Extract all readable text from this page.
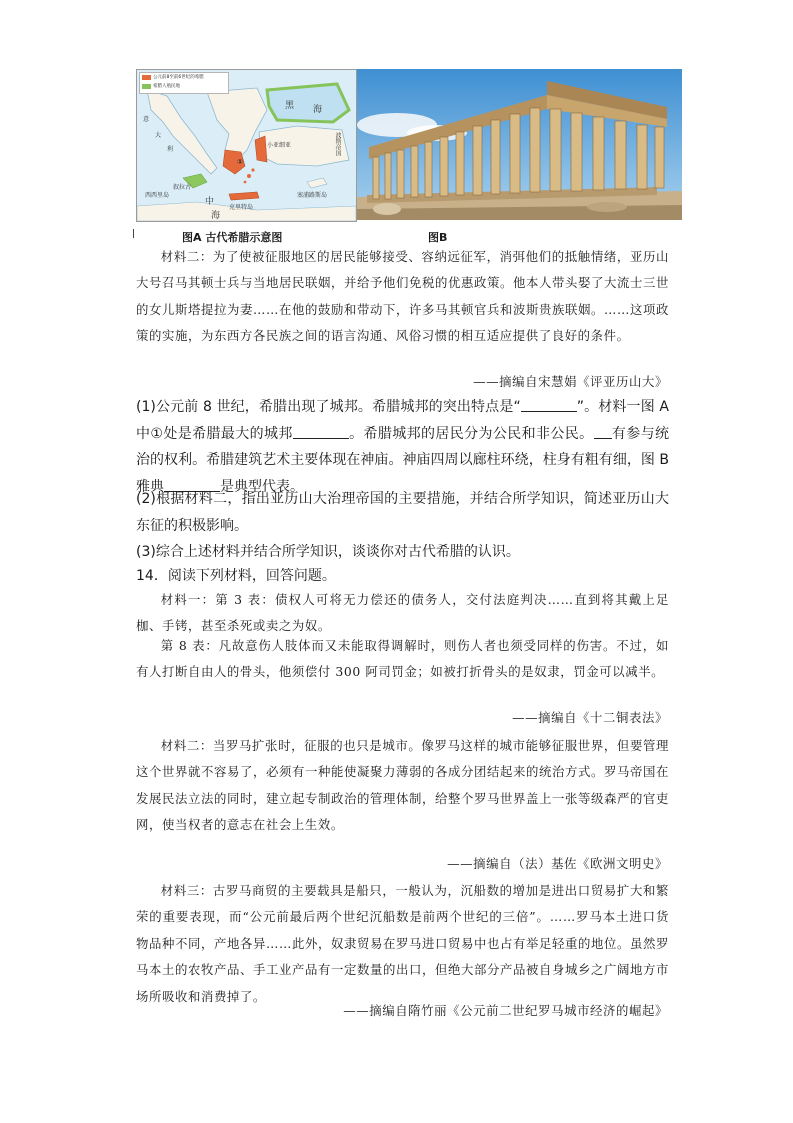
公元前8至前6世纪的希腊
希腊人殖民地
意
大
利
叙拉古
西西里岛
黑 海
小亚细亚	波斯帝国
①
克里特岛
塞浦路斯岛
中
海
图A 古代希腊示意图	图B

材料二：为了使被征服地区的居民能够接受、容纳远征军，消弭他们的抵触情绪，亚历山大号召马其顿士兵与当地居民联姻，并给予他们免税的优惠政策。他本人带头娶了大流士三世的女儿斯塔提拉为妻……在他的鼓励和带动下，许多马其顿官兵和波斯贵族联姻。……这项政策的实施，为东西方各民族之间的语言沟通、风俗习惯的相互适应提供了良好的条件。

——摘编自宋慧娟《评亚历山大》

(1)公元前 8 世纪，希腊出现了城邦。希腊城邦的突出特点是“	”。材料一图 A 中①处是希腊最大的城邦	。希腊城邦的居民分为公民和非公民。 有参与统治的权利。希腊建筑艺术主要体现在神庙。神庙四周以廊柱环绕，柱身有粗有细，图 B 雅典	是典型代表。

(2)根据材料二，指出亚历山大治理帝国的主要措施，并结合所学知识，简述亚历山大东征的积极影响。

(3)综合上述材料并结合所学知识，谈谈你对古代希腊的认识。

14．阅读下列材料，回答问题。

材料一：第 3 表：债权人可将无力偿还的债务人，交付法庭判决……直到将其戴上足枷、手铐，甚至杀死或卖之为奴。

第 8 表：凡故意伤人肢体而又未能取得调解时，则伤人者也须受同样的伤害。不过，如有人打断自由人的骨头，他须偿付 300 阿司罚金；如被打折骨头的是奴隶，罚金可以减半。

——摘编自《十二铜表法》

材料二：当罗马扩张时，征服的也只是城市。像罗马这样的城市能够征服世界，但要管理这个世界就不容易了，必须有一种能使凝聚力薄弱的各成分团结起来的统治方式。罗马帝国在发展民法立法的同时，建立起专制政治的管理体制，给整个罗马世界盖上一张等级森严的官吏网，使当权者的意志在社会上生效。

——摘编自（法）基佐《欧洲文明史》

材料三：古罗马商贸的主要载具是船只，一般认为，沉船数的增加是进出口贸易扩大和繁荣的重要表现，而“公元前最后两个世纪沉船数是前两个世纪的三倍”。……罗马本土进口货物品种不同，产地各异……此外，奴隶贸易在罗马进口贸易中也占有举足轻重的地位。虽然罗马本土的农牧产品、手工业产品有一定数量的出口，但绝大部分产品被自身城乡之广阔地方市场所吸收和消费掉了。

——摘编自隋竹丽《公元前二世纪罗马城市经济的崛起》
